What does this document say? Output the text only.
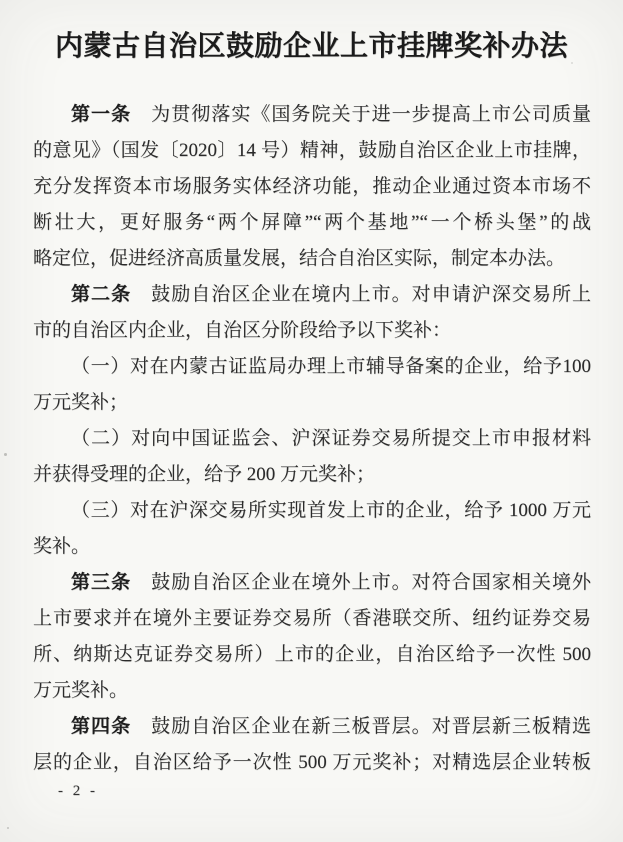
内蒙古自治区鼓励企业上市挂牌奖补办法
第一条　为贯彻落实《国务院关于进一步提高上市公司质量
的意见》（国发〔2020〕14 号）精神，鼓励自治区企业上市挂牌，
充分发挥资本市场服务实体经济功能，推动企业通过资本市场不
断壮大，更好服务“两个屏障”“两个基地”“一个桥头堡”的战
略定位，促进经济高质量发展，结合自治区实际，制定本办法。
第二条　鼓励自治区企业在境内上市。对申请沪深交易所上
市的自治区内企业，自治区分阶段给予以下奖补：
（一）对在内蒙古证监局办理上市辅导备案的企业，给予100
万元奖补；
（二）对向中国证监会、沪深证券交易所提交上市申报材料
并获得受理的企业，给予 200 万元奖补；
（三）对在沪深交易所实现首发上市的企业，给予 1000 万元
奖补。
第三条　鼓励自治区企业在境外上市。对符合国家相关境外
上市要求并在境外主要证券交易所（香港联交所、纽约证券交易
所、纳斯达克证券交易所）上市的企业，自治区给予一次性 500
万元奖补。
第四条　鼓励自治区企业在新三板晋层。对晋层新三板精选
层的企业，自治区给予一次性 500 万元奖补；对精选层企业转板
- 2 -
